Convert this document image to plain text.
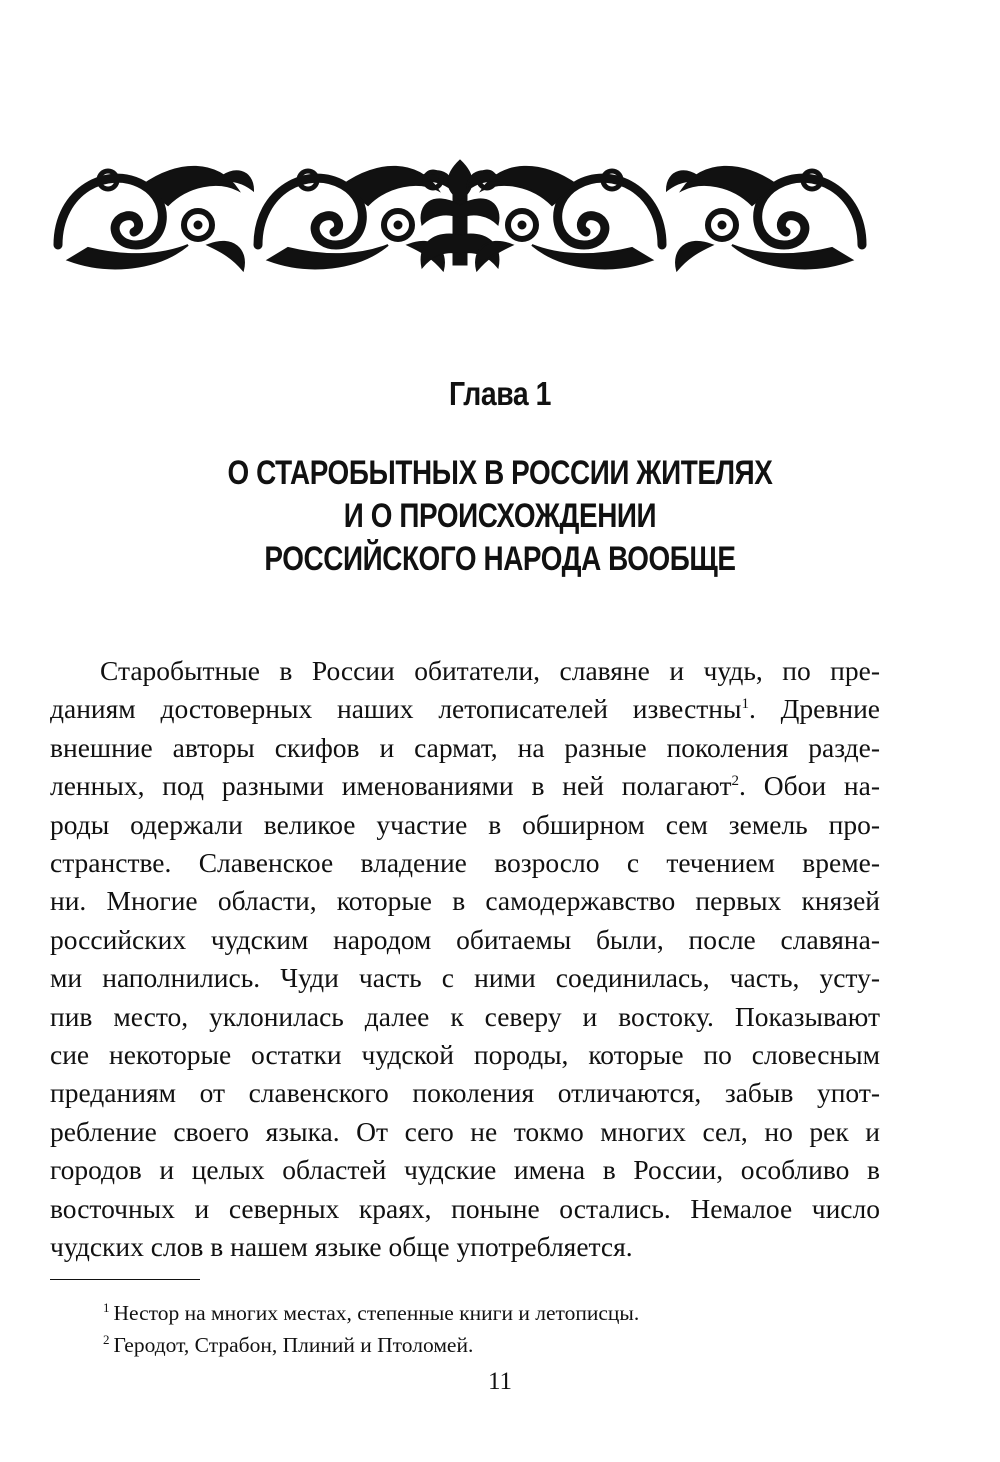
Глава 1
О СТАРОБЫТНЫХ В РОССИИ ЖИТЕЛЯХ
И О ПРОИСХОЖДЕНИИ
РОССИЙСКОГО НАРОДА ВООБЩЕ
Старобытные в России обитатели, славяне и чудь, по пре-
даниям достоверных наших летописателей известны$^1$. Древние
внешние авторы скифов и сармат, на разные поколения разде-
ленных, под разными именованиями в ней полагают$^2$. Обои на-
роды одержали великое участие в обширном сем земель про-
странстве. Славенское владение возросло с течением време-
ни. Многие области, которые в самодержавство первых князей
российских чудским народом обитаемы были, после славяна-
ми наполнились. Чуди часть с ними соединилась, часть, усту-
пив место, уклонилась далее к северу и востоку. Показывают
сие некоторые остатки чудской породы, которые по словесным
преданиям от славенского поколения отличаются, забыв упот-
ребление своего языка. От сего не токмо многих сел, но рек и
городов и целых областей чудские имена в России, особливо в
восточных и северных краях, поныне остались. Немалое число
чудских слов в нашем языке обще употребляется.
$^1$ Нестор на многих местах, степенные книги и летописцы.
$^2$ Геродот, Страбон, Плиний и Птоломей.
11
